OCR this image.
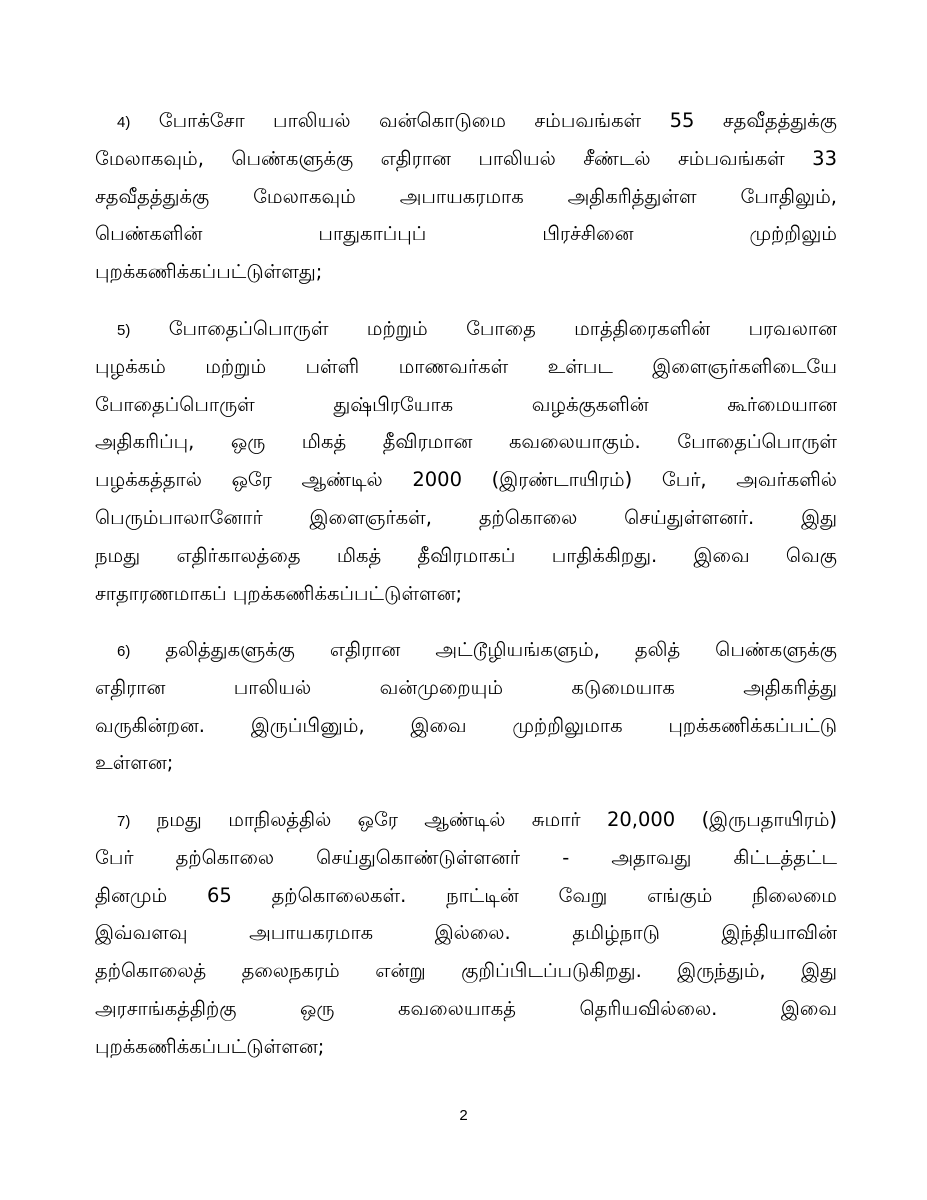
4) போக்சோ பாலியல் வன்கொடுமை சம்பவங்கள் 55 சதவீதத்துக்கு
மேலாகவும், பெண்களுக்கு எதிரான பாலியல் சீண்டல் சம்பவங்கள் 33
சதவீதத்துக்கு மேலாகவும் அபாயகரமாக அதிகரித்துள்ள போதிலும்,
பெண்களின் பாதுகாப்புப் பிரச்சினை முற்றிலும்
புறக்கணிக்கப்பட்டுள்ளது;
5) போதைப்பொருள் மற்றும் போதை மாத்திரைகளின் பரவலான
புழக்கம் மற்றும் பள்ளி மாணவர்கள் உள்பட இளைஞர்களிடையே
போதைப்பொருள் துஷ்பிரயோக வழக்குகளின் கூர்மையான
அதிகரிப்பு, ஒரு மிகத் தீவிரமான கவலையாகும். போதைப்பொருள்
பழக்கத்தால் ஒரே ஆண்டில் 2000 (இரண்டாயிரம்) பேர், அவர்களில்
பெரும்பாலானோர் இளைஞர்கள், தற்கொலை செய்துள்ளனர். இது
நமது எதிர்காலத்தை மிகத் தீவிரமாகப் பாதிக்கிறது. இவை வெகு
சாதாரணமாகப் புறக்கணிக்கப்பட்டுள்ளன;
6) தலித்துகளுக்கு எதிரான அட்டூழியங்களும், தலித் பெண்களுக்கு
எதிரான பாலியல் வன்முறையும் கடுமையாக அதிகரித்து
வருகின்றன. இருப்பினும், இவை முற்றிலுமாக புறக்கணிக்கப்பட்டு
உள்ளன;
7) நமது மாநிலத்தில் ஒரே ஆண்டில் சுமார் 20,000 (இருபதாயிரம்)
பேர் தற்கொலை செய்துகொண்டுள்ளனர் - அதாவது கிட்டத்தட்ட
தினமும் 65 தற்கொலைகள். நாட்டின் வேறு எங்கும் நிலைமை
இவ்வளவு அபாயகரமாக இல்லை. தமிழ்நாடு இந்தியாவின்
தற்கொலைத் தலைநகரம் என்று குறிப்பிடப்படுகிறது. இருந்தும், இது
அரசாங்கத்திற்கு ஒரு கவலையாகத் தெரியவில்லை. இவை
புறக்கணிக்கப்பட்டுள்ளன;
2
